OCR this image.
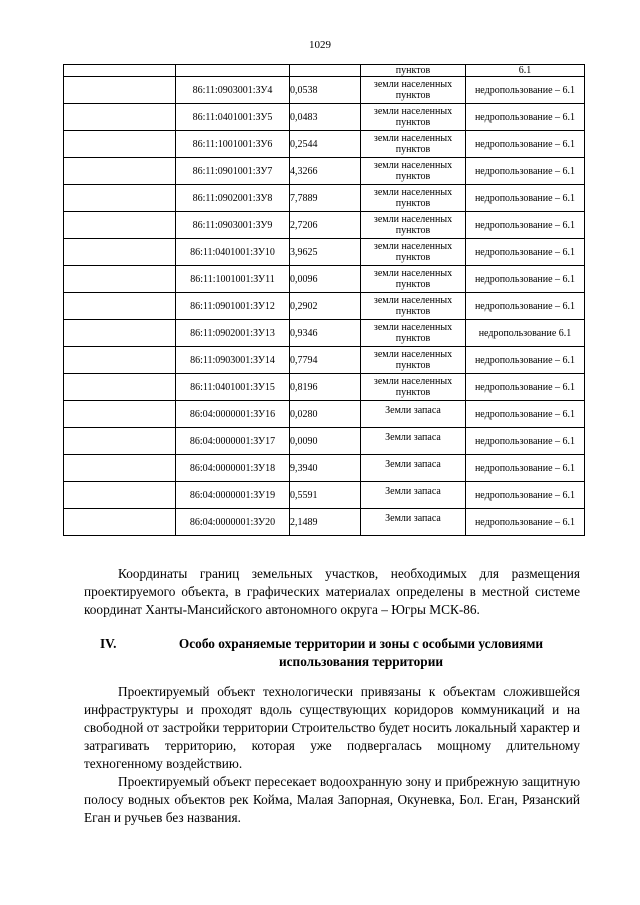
1029
			пунктов	6.1
	86:11:0903001:ЗУ4	0,0538	земли населенных пунктов	недропользование – 6.1
	86:11:0401001:ЗУ5	0,0483	земли населенных пунктов	недропользование – 6.1
	86:11:1001001:ЗУ6	0,2544	земли населенных пунктов	недропользование – 6.1
	86:11:0901001:ЗУ7	4,3266	земли населенных пунктов	недропользование – 6.1
	86:11:0902001:ЗУ8	7,7889	земли населенных пунктов	недропользование – 6.1
	86:11:0903001:ЗУ9	2,7206	земли населенных пунктов	недропользование – 6.1
	86:11:0401001:ЗУ10	3,9625	земли населенных пунктов	недропользование – 6.1
	86:11:1001001:ЗУ11	0,0096	земли населенных пунктов	недропользование – 6.1
	86:11:0901001:ЗУ12	0,2902	земли населенных пунктов	недропользование – 6.1
	86:11:0902001:ЗУ13	0,9346	земли населенных пунктов	недропользование 6.1
	86:11:0903001:ЗУ14	0,7794	земли населенных пунктов	недропользование – 6.1
	86:11:0401001:ЗУ15	0,8196	земли населенных пунктов	недропользование – 6.1
	86:04:0000001:ЗУ16	0,0280	Земли запаса	недропользование – 6.1
	86:04:0000001:ЗУ17	0,0090	Земли запаса	недропользование – 6.1
	86:04:0000001:ЗУ18	9,3940	Земли запаса	недропользование – 6.1
	86:04:0000001:ЗУ19	0,5591	Земли запаса	недропользование – 6.1
	86:04:0000001:ЗУ20	2,1489	Земли запаса	недропользование – 6.1

Координаты границ земельных участков, необходимых для размещения проектируемого объекта, в графических материалах определены в местной системе координат Ханты-Мансийского автономного округа – Югры МСК-86.

IV.	Особо охраняемые территории и зоны с особыми условиями использования территории

Проектируемый объект технологически привязаны к объектам сложившейся инфраструктуры и проходят вдоль существующих коридоров коммуникаций и на свободной от застройки территории Строительство будет носить локальный характер и затрагивать территорию, которая уже подвергалась мощному длительному техногенному воздействию.

Проектируемый объект пересекает водоохранную зону и прибрежную защитную полосу водных объектов рек Койма, Малая Запорная, Окуневка, Бол. Еган, Рязанский Еган и ручьев без названия.
